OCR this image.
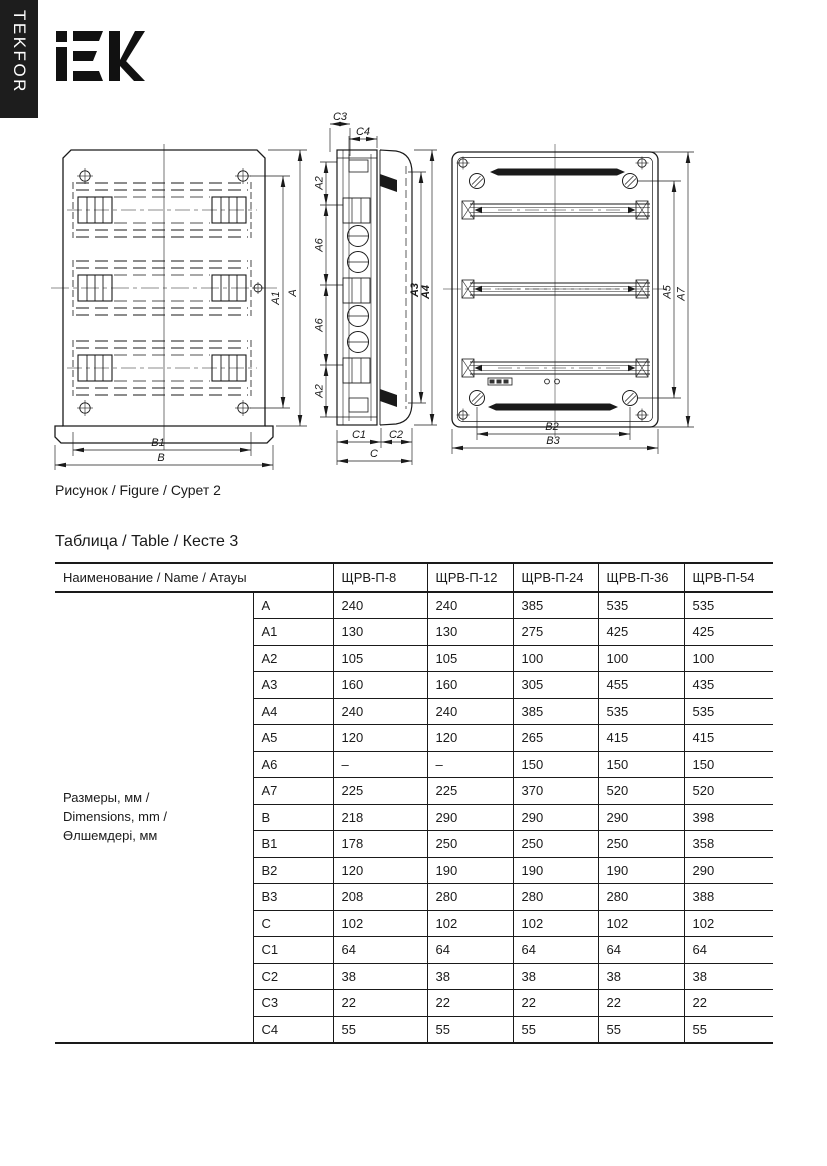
TEKFOR
A1 A
B1
B
C3
C4
A2
A6
A6
A2
A3 A4
C1 C2
C
A5 A7
B2
B3
Рисунок / Figure / Сурет 2
Таблица / Table / Кесте 3
Наименование / Name / Атауы		ЩРВ-П-8	ЩРВ-П-12	ЩРВ-П-24	ЩРВ-П-36	ЩРВ-П-54

Размеры, мм /
Dimensions, mm /
Өлшемдері, мм	A	240	240	385	535	535
	A1	130	130	275	425	425
	A2	105	105	100	100	100
	A3	160	160	305	455	435
	A4	240	240	385	535	535
	A5	120	120	265	415	415
	A6	–	–	150	150	150
	A7	225	225	370	520	520
	B	218	290	290	290	398
	B1	178	250	250	250	358
	B2	120	190	190	190	290
	B3	208	280	280	280	388
	C	102	102	102	102	102
	C1	64	64	64	64	64
	C2	38	38	38	38	38
	C3	22	22	22	22	22
	C4	55	55	55	55	55
